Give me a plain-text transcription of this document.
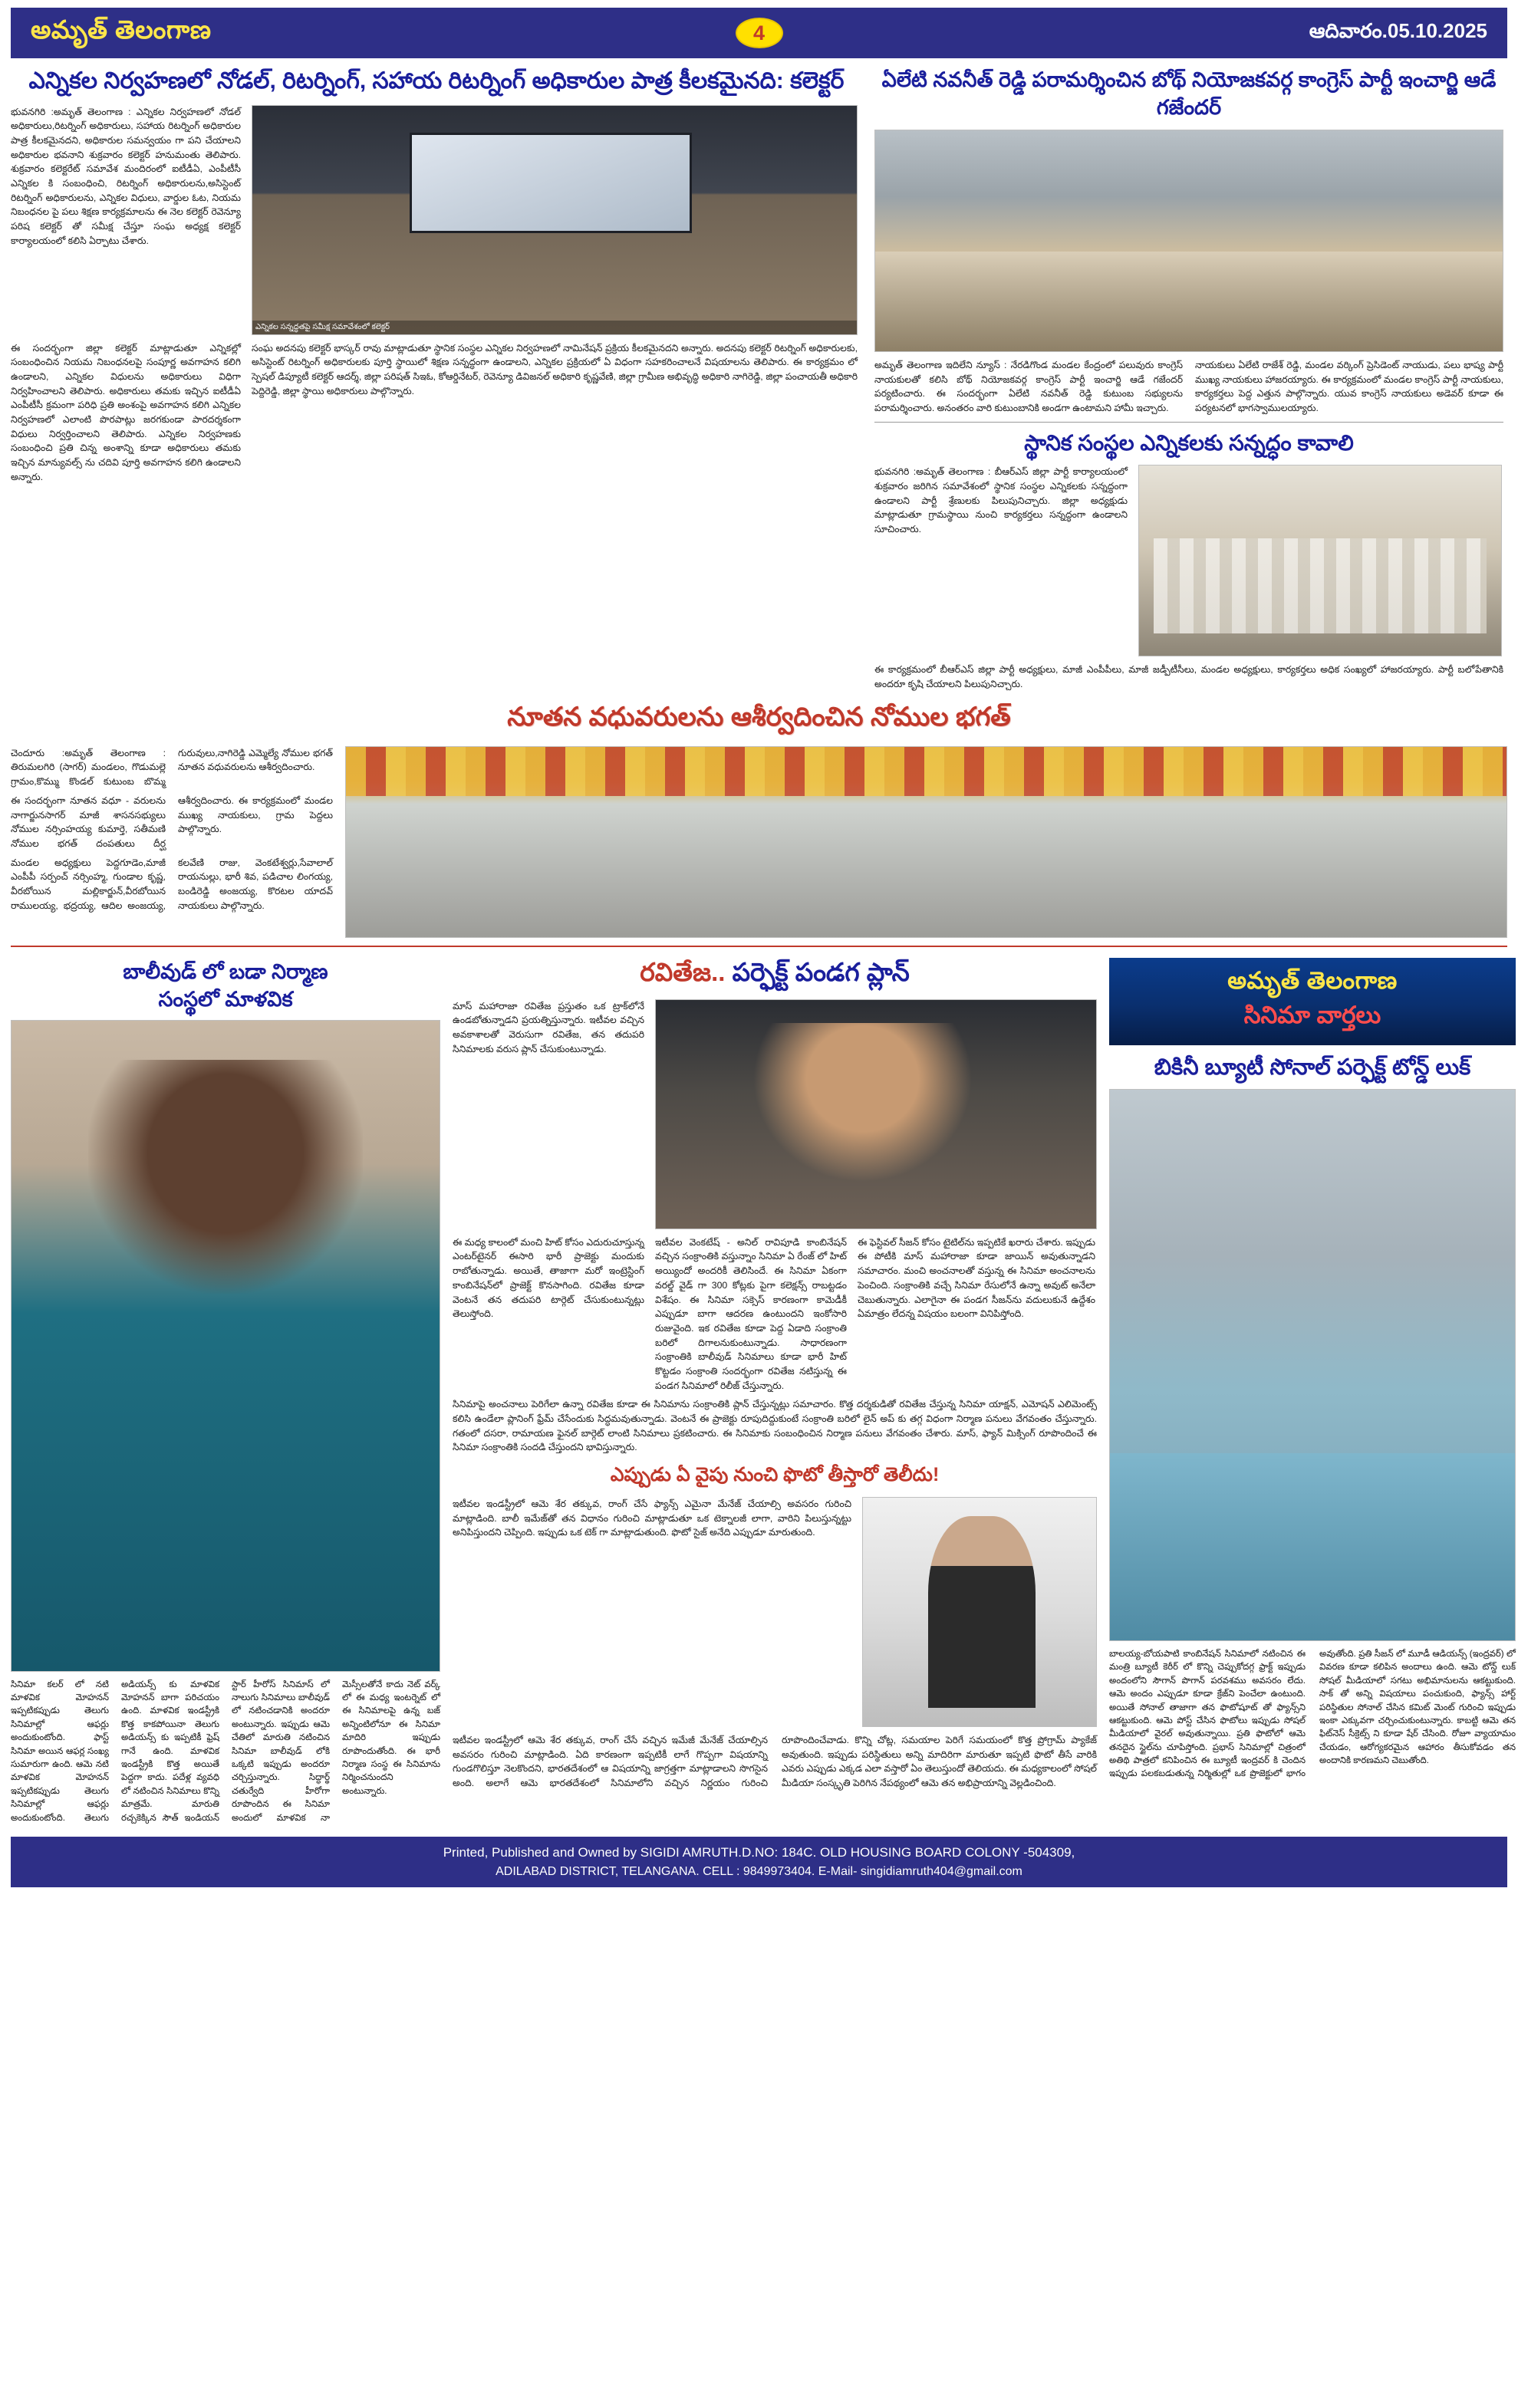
అమృత్ తెలంగాణ	4	ఆదివారం.05.10.2025
ఎన్నికల నిర్వహణలో నోడల్, రిటర్నింగ్, సహాయ రిటర్నింగ్ అధికారుల పాత్ర కీలకమైనది: కలెక్టర్
భువనగిరి :అమృత్ తెలంగాణ : ఎన్నికల నిర్వహణలో నోడల్ అధికారులు,రిటర్నింగ్ అధికారులు, సహాయ రిటర్నింగ్ అధికారుల పాత్ర కీలకమైనదని, అధికారుల సమన్వయం గా పని చేయాలని అధికారుల భవనాని శుక్రవారం కలెక్టర్ హనుమంతు తెలిపారు. శుక్రవారం కలెక్టరేట్ సమావేశ మందిరంలో ఐటీడీఏ, ఎంపీటీసీ ఎన్నికల కి సంబంధించి, రిటర్నింగ్ అధికారులను,అసిస్టెంట్ రిటర్నింగ్ అధికారులను, ఎన్నికల విధులు, వార్డుల ఓట, నియమ నిబంధనల పై పలు శిక్షణ కార్యక్రమాలను ఈ నెల కలెక్టర్ రెవెన్యూ పరిష కలెక్టర్ తో సమీక్ష చేస్తూ సంఘ అధ్యక్ష కలెక్టర్ కార్యాలయంలో కలిసి ఏర్పాటు చేశారు.
ఎన్నికల సన్నద్ధతపై సమీక్ష సమావేశంలో కలెక్టర్
ఈ సందర్భంగా జిల్లా కలెక్టర్ మాట్లాడుతూ ఎన్నికల్లో సంబంధించిన నియమ నిబంధనలపై సంపూర్ణ అవగాహన కలిగి ఉండాలని, ఎన్నికల విధులను అధికారులు విధిగా నిర్వహించాలని తెలిపారు. అధికారులు తమకు ఇచ్చిన ఐటీడీఏ ఎంపీటీసీ క్రమంగా పరిధి ప్రతి అంశంపై అవగాహన కలిగి ఎన్నికల నిర్వహణలో ఎలాంటి పొరపాట్లు జరగకుండా పారదర్శకంగా విధులు నిర్వర్తించాలని తెలిపారు. ఎన్నికల నిర్వహణకు సంబంధించి ప్రతి చిన్న అంశాన్ని కూడా అధికారులు తమకు ఇచ్చిన మాన్యువల్స్ ను చదివి పూర్తి అవగాహన కలిగి ఉండాలని అన్నారు.
సంఘ అదనపు కలెక్టర్ భాస్కర్ రావు మాట్లాడుతూ స్థానిక సంస్థల ఎన్నికల నిర్వహణలో నామినేషన్ ప్రక్రియ కీలకమైనదని అన్నారు. అదనపు కలెక్టర్ రిటర్నింగ్ అధికారులకు, అసిస్టెంట్ రిటర్నింగ్ అధికారులకు పూర్తి స్థాయిలో శిక్షణ సన్నద్ధంగా ఉండాలని, ఎన్నికల ప్రక్రియలో ఏ విధంగా సహకరించాలనే విషయాలను తెలిపారు. ఈ కార్యక్రమం లో స్పెషల్ డిప్యూటీ కలెక్టర్ ఆదర్శ్, జిల్లా పరిషత్ సిఇఓ, కోఆర్డినేటర్, రెవెన్యూ డివిజనల్ అధికారి కృష్ణవేణి, జిల్లా గ్రామీణ అభివృద్ధి అధికారి నాగిరెడ్డి, జిల్లా పంచాయతీ అధికారి పెద్దిరెడ్డి, జిల్లా స్థాయి అధికారులు పాల్గొన్నారు.
ఏలేటి నవనీత్ రెడ్డి పరామర్శించిన బోథ్ నియోజకవర్గ కాంగ్రెస్ పార్టీ ఇంచార్జి ఆడే గజేందర్
అమృత్ తెలంగాణ ఇదిలేని న్యూస్ : నేరడిగొండ మండల కేంద్రంలో పలువురు కాంగ్రెస్ నాయకులతో కలిసి బోథ్ నియోజకవర్గ కాంగ్రెస్ పార్టీ ఇంచార్జి ఆడే గజేందర్ పర్యటించారు. ఈ సందర్భంగా ఏలేటి నవనీత్ రెడ్డి కుటుంబ సభ్యులను పరామర్శించారు. అనంతరం వారి కుటుంబానికి అండగా ఉంటామని హామీ ఇచ్చారు.
నాయకులు ఏలేటి రాజేశ్ రెడ్డి, మండల వర్కింగ్ ప్రెసిడెంట్ నాయుడు, పలు భాష్య పార్టీ ముఖ్య నాయకులు హాజరయ్యారు. ఈ కార్యక్రమంలో మండల కాంగ్రెస్ పార్టీ నాయకులు, కార్యకర్తలు పెద్ద ఎత్తున పాల్గొన్నారు. యువ కాంగ్రెస్ నాయకులు అడెవర్ కూడా ఈ పర్యటనలో భాగస్వాములయ్యారు.
స్థానిక సంస్థల ఎన్నికలకు సన్నద్ధం కావాలి
భువనగిరి :అమృత్ తెలంగాణ : బీఆర్ఎస్ జిల్లా పార్టీ కార్యాలయంలో శుక్రవారం జరిగిన సమావేశంలో స్థానిక సంస్థల ఎన్నికలకు సన్నద్ధంగా ఉండాలని పార్టీ శ్రేణులకు పిలుపునిచ్చారు. జిల్లా అధ్యక్షుడు మాట్లాడుతూ గ్రామస్థాయి నుంచి కార్యకర్తలు సన్నద్ధంగా ఉండాలని సూచించారు.
ఈ కార్యక్రమంలో బీఆర్ఎస్ జిల్లా పార్టీ అధ్యక్షులు, మాజీ ఎంపీపీలు, మాజీ జడ్పీటీసీలు, మండల అధ్యక్షులు, కార్యకర్తలు అధిక సంఖ్యలో హాజరయ్యారు. పార్టీ బలోపేతానికి అందరూ కృషి చేయాలని పిలుపునిచ్చారు.
నూతన వధువరులను ఆశీర్వదించిన నోముల భగత్
చెందూరు :అమృత్ తెలంగాణ : తిరుమలగిరి (సాగర్) మండలం, గొడుమల్లె గ్రామం,కొమ్ము కొండల్ కుటుంబ బొమ్మ గురువులు,నాగిరెడ్డి ఎమ్మెల్యే నోముల భగత్ నూతన వధువరులను ఆశీర్వదించారు.
ఈ సందర్భంగా నూతన వధూ - వరులను నాగార్జునసాగర్ మాజీ శాసనసభ్యులు నోముల నర్సింహయ్య కుమార్తె, సతీమణి నోముల భగత్ దంపతులు దీర్ఘ ఆశీర్వదించారు. ఈ కార్యక్రమంలో మండల ముఖ్య నాయకులు, గ్రామ పెద్దలు పాల్గొన్నారు.
మండల అధ్యక్షులు పెద్దగూడెం,మాజీ ఎంపీపీ సర్పంచ్ నర్సింహ్మ, గుండాల కృష్ణ, వీరబోయిన మల్లికార్జున్,వీరబోయిన రాములయ్య, భద్రయ్య, ఆదిల అంజయ్య, కలవేణి రాజు, వెంకటేశ్వర్లు,సేవాలాల్ రాయనుల్లు, భారీ శివ, పడిచాల లింగయ్య, బండిరెడ్డి అంజయ్య, కొరటల యాదవ్ నాయకులు పాల్గొన్నారు.
బాలీవుడ్ లో బడా నిర్మాణ
సంస్థలో మాళవిక
సినిమా కలర్ లో నటి మాళవిక మోహనన్ ఇప్పటికప్పుడు తెలుగు సినిమాల్లో ఆఫర్లు అందుకుంటోంది. ఫాస్ట్ సినిమా అయిన ఆఫర్ల సంఖ్య సుమారుగా ఉంది. ఆమె నటి మాళవిక మోహనన్ ఇప్పటికప్పుడు తెలుగు సినిమాల్లో ఆఫర్లు అందుకుంటోంది. తెలుగు అడియన్స్ కు మాళవిక మోహనన్ బాగా పరిచయం ఉంది. మాళవిక ఇండస్ట్రీకి కొత్త కాకపోయినా తెలుగు అడియన్స్ కు ఇప్పటికీ ఫ్రెష్ గానే ఉంది. మాళవిక ఇండస్ట్రీకి కొత్త అయితే పెద్దగా కాదు. పదేళ్ల వ్యవధి లో నటించిన సినిమాలు కొన్ని మాత్రమే.	మారుతి రచ్చకెక్కిన సౌత్ ఇండియన్ స్టార్ హీరోస్ సినిమాస్ లో నాలుగు సినిమాలు బాలీవుడ్ లో నటించడానికి అందరూ అంటున్నారు. ఇప్పుడు ఆమె చేతిలో మారుతి నటించిన సినిమా బాలీవుడ్ లోకి ఒక్కటి ఇప్పుడు అందరూ చర్చిస్తున్నారు.	సిద్ధార్థ్ చతుర్వేది హీరోగా రూపొందిన ఈ సినిమా అందులో మాళవిక నా మెస్సీలతోనే కాదు నెట్ వర్క్ లో ఈ మధ్య ఇంటర్నెట్ లో ఈ సినిమాలపై ఉన్న బజ్ అన్నింటిలోనూ ఈ సినిమా మాదిరి ఇప్పుడు రూపొందుతోంది. ఈ భారీ నిర్మాణ సంస్థ ఈ సినిమాను నిర్మించనుందని అంటున్నారు.
రవితేజ.. పర్ఫెక్ట్ పండగ ప్లాన్
మాస్ మహారాజా రవితేజ ప్రస్తుతం ఒక ట్రాక్‌లోనే ఉండబోతున్నాడని ప్రయత్నిస్తున్నారు. ఇటీవల వచ్చిన అవకాశాలతో వెరుసుగా రవితేజ, తన తదుపరి సినిమాలకు వరుస ప్లాన్ చేసుకుంటున్నాడు.
ఈ మధ్య కాలంలో మంచి హిట్ కోసం ఎదురుచూస్తున్న ఎంటర్‌టైనర్ ఈసారి భారీ ప్రాజెక్టు మందుకు రాబోతున్నాడు. అయితే, తాజాగా మరో ఇంట్రెస్టింగ్ కాంబినేషన్‌లో ప్రాజెక్ట్ కొనసాగింది. రవితేజ కూడా వెంటనే తన తదుపరి టార్గెట్ చేసుకుంటున్నట్లు తెలుస్తోంది.
ఇటీవల వెంకటేష్ - అనిల్ రావిపూడి కాంబినేషన్ వచ్చిన సంక్రాంతికి వస్తున్నాం సినిమా ఏ రేంజ్ లో హిట్ అయ్యిందో అందరికీ తెలిసిందే. ఈ సినిమా ఏకంగా వరల్డ్ వైడ్ గా 300 కోట్లకు పైగా కలెక్షన్స్ రాబట్టడం విశేషం. ఈ సినిమా సక్సెస్ కారణంగా కామెడీకీ ఎప్పుడూ బాగా ఆదరణ ఉంటుందని ఇంకోసారి రుజువైంది. ఇక రవితేజ కూడా పెద్ద ఏడాది సంక్రాంతి బరిలో దిగాలనుకుంటున్నాడు. సాధారణంగా సంక్రాంతికి బాలీవుడ్ సినిమాలు కూడా భారీ హిట్ కొట్టడం సంక్రాంతి సందర్భంగా రవితేజ నటిస్తున్న ఈ పండగ సినిమాలో రిలీజ్ చేస్తున్నారు.
ఈ ఫెస్టివల్ సీజన్ కోసం టైటిల్‌ను ఇప్పటికే ఖరారు చేశారు. ఇప్పుడు ఈ పోటీకి మాస్ మహారాజా కూడా జాయిన్ అవుతున్నాడని సమాచారం. మంచి అంచనాలతో వస్తున్న ఈ సినిమా అంచనాలను పెంచింది. సంక్రాంతికి వచ్చే సినిమా రేసులోనే ఉన్నా అవుట్ అనేలా చెబుతున్నారు. ఎలాగైనా ఈ పండగ సీజన్‌ను వదులుకునే ఉద్దేశం ఏమాత్రం లేదన్న విషయం బలంగా వినిపిస్తోంది.
సినిమాపై అంచనాలు పెరిగేలా ఉన్నా రవితేజ కూడా ఈ సినిమాను సంక్రాంతికి ప్లాన్ చేస్తున్నట్లు సమాచారం. కొత్త దర్శకుడితో రవితేజ చేస్తున్న సినిమా యాక్షన్, ఎమోషన్ ఎలిమెంట్స్ కలిసి ఉండేలా ప్లానింగ్ ఫ్రేమ్ చేసేందుకు సిద్ధమవుతున్నాడు. వెంటనే ఈ ప్రాజెక్టు రూపుదిద్దుకుంటే సంక్రాంతి బరిలో లైన్ అప్ కు తగ్గ విధంగా నిర్మాణ పనులు వేగవంతం చేస్తున్నారు. గతంలో దసరా, రామాయణ ఫైనల్ బార్గెట్ లాంటి సినిమాలు ప్రకటించారు. ఈ సినిమాకు సంబంధించిన నిర్మాణ పనులు వేగవంతం చేశారు. మాస్, ఫ్యాన్ మిక్సింగ్ రూపొందించే ఈ సినిమా సంక్రాంతికి సందడి చేస్తుందని భావిస్తున్నారు.
ఎప్పుడు ఏ వైపు నుంచి ఫొటో తీస్తారో తెలీదు!
ఇటీవల ఇండస్ట్రీలో ఆమె శేర తక్కువ, రాంగ్ చేసే ఫ్యాన్స్ ఎమైనా మేనేజ్ చేయాల్సి అవసరం గురించి మాట్లాడింది. బాలీ ఇమేజ్‌తో తన విధానం గురించి మాట్లాడుతూ ఒక టెక్నాలజీ లాగా, వారిని పిలుస్తున్నట్టు అనిపిస్తుందని చెప్పింది. ఇప్పుడు ఒక టెక్ గా మాట్లాడుతుంది. ఫొటో సైజ్ అనేది ఎప్పుడూ మారుతుంది.
ఇటీవల ఇండస్ట్రీలో ఆమె శేర తక్కువ, రాంగ్ చేసే వచ్చిన ఇమేజీ మేనేజ్ చేయాల్సిన అవసరం గురించి మాట్లాడింది. ఏది కారణంగా ఇప్పటికీ లాగే గొప్పగా విషయాన్ని గుండగొలిస్తూ నెలకొందని, భారతదేశంలో ఆ విషయాన్ని జాగ్రత్తగా మాట్లాడాలని సొగసైన అంది. అలాగే ఆమె భారతదేశంలో సినిమాలోని వచ్చిన నిర్ణయం గురించి రూపొందించేవాడు. కొన్ని చోట్ల, సమయాల పెరిగే సమయంలో కొత్త ప్రోగ్రామ్ ప్యాకేజ్ అవుతుంది. ఇప్పుడు పరిస్థితులు అన్ని మాదిరిగా మారుతూ ఇప్పటి ఫొటో తీసే వారికి ఎవరు ఎప్పుడు ఎక్కడ ఎలా వస్తారో ఏం తెలుస్తుందో తెలియదు. ఈ మధ్యకాలంలో సోషల్ మీడియా సంస్కృతి పెరిగిన నేపథ్యంలో ఆమె తన అభిప్రాయాన్ని వెల్లడించింది.
అమృత్ తెలంగాణ
సినిమా వార్తలు
బికినీ బ్యూటీ సోనాల్ పర్ఫెక్ట్ టోన్డ్ లుక్
బాలయ్య-బోయపాటి కాంబినేషన్ సినిమాలో నటించిన ఈ మంత్రి బ్యూటీ కెరీర్ లో కొన్ని చెప్పుకోదగ్గ ఫ్రాక్ట్ ఇప్పుడు అందంలోని సౌగాన్ పొగాన్ పరవశము అవసరం లేదు. ఆమె అందం ఎప్పుడూ కూడా క్రేజ్‌ని పెంచేలా ఉంటుంది. అయితే సోనాల్ తాజాగా తన ఫొటోషూట్ తో ఫ్యాన్స్‌ని ఆకట్టుకుంది. ఆమె పోస్ట్ చేసిన ఫొటోలు ఇప్పుడు సోషల్ మీడియాలో వైరల్ అవుతున్నాయి. ప్రతి ఫొటోలో ఆమె తనదైన స్టైల్‌ను చూపిస్తోంది. ప్రభాస్ సినిమాల్లో చిత్రంలో అతిథి పాత్రలో కనిపించిన ఈ బ్యూటీ ఇంద్రవర్ కి చెందిన ఇప్పుడు పలకబడుతున్న నిర్మితుల్లో ఒక ప్రొజెక్టులో భాగం అవుతోంది. ప్రతి సీజన్ లో మూడీ ఆడియన్స్ (ఇంద్రవర్) లో వివరణ కూడా కలిపిన అందాలు ఉంది. ఆమె టోన్డ్ లుక్ సోషల్ మీడియాలో సగటు అభిమానులను ఆకట్టుకుంది. సాక్ తో అన్ని విషయాలు పంచుకుంది, ఫ్యాన్స్ హార్ట్ పరిస్థితుల సోనాల్ చేసిన కమిట్ మెంట్ గురించి ఇప్పుడు ఇంకా ఎక్కువగా చర్చించుకుంటున్నారు. కాబట్టి ఆమె తన ఫిట్‌నెస్ సీక్రెట్స్ ని కూడా షేర్ చేసింది. రోజూ వ్యాయామం చేయడం, ఆరోగ్యకరమైన ఆహారం తీసుకోవడం తన అందానికి కారణమని చెబుతోంది.
Printed, Published and Owned by SIGIDI AMRUTH.D.NO: 184C. OLD HOUSING BOARD COLONY -504309,
ADILABAD DISTRICT, TELANGANA. CELL : 9849973404. E-Mail- singidiamruth404@gmail.com
